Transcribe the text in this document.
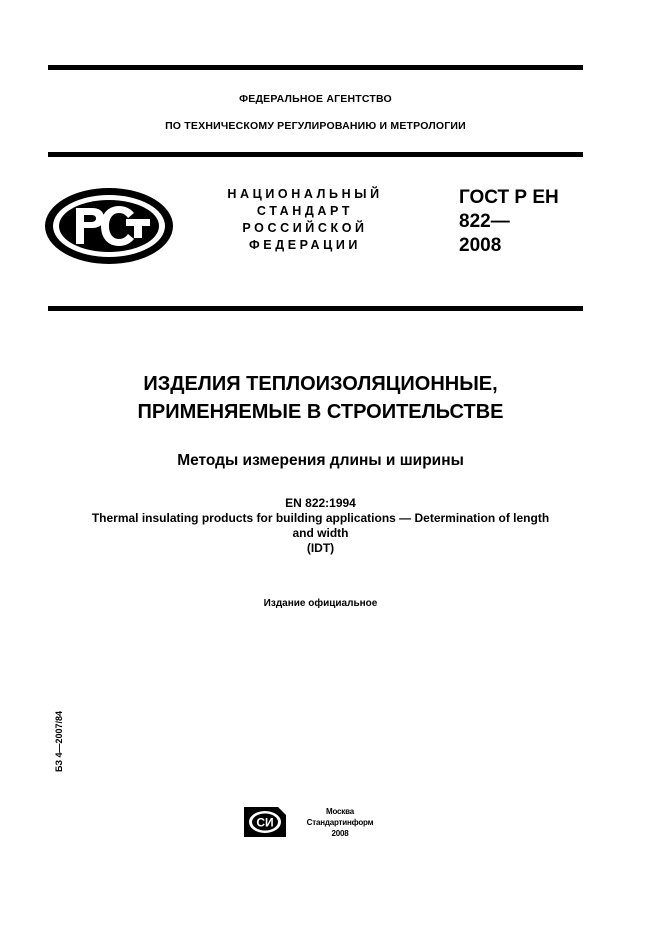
ФЕДЕРАЛЬНОЕ АГЕНТСТВО
ПО ТЕХНИЧЕСКОМУ РЕГУЛИРОВАНИЮ И МЕТРОЛОГИИ
НАЦИОНАЛЬНЫЙ
СТАНДАРТ
РОССИЙСКОЙ
ФЕДЕРАЦИИ
ГОСТ Р ЕН
822—
2008
ИЗДЕЛИЯ ТЕПЛОИЗОЛЯЦИОННЫЕ,
ПРИМЕНЯЕМЫЕ В СТРОИТЕЛЬСТВЕ
Методы измерения длины и ширины
EN 822:1994
Thermal insulating products for building applications — Determination of length
and width
(IDT)
Издание официальное
БЗ 4—2007/84
СИ
Москва
Стандартинформ
2008
